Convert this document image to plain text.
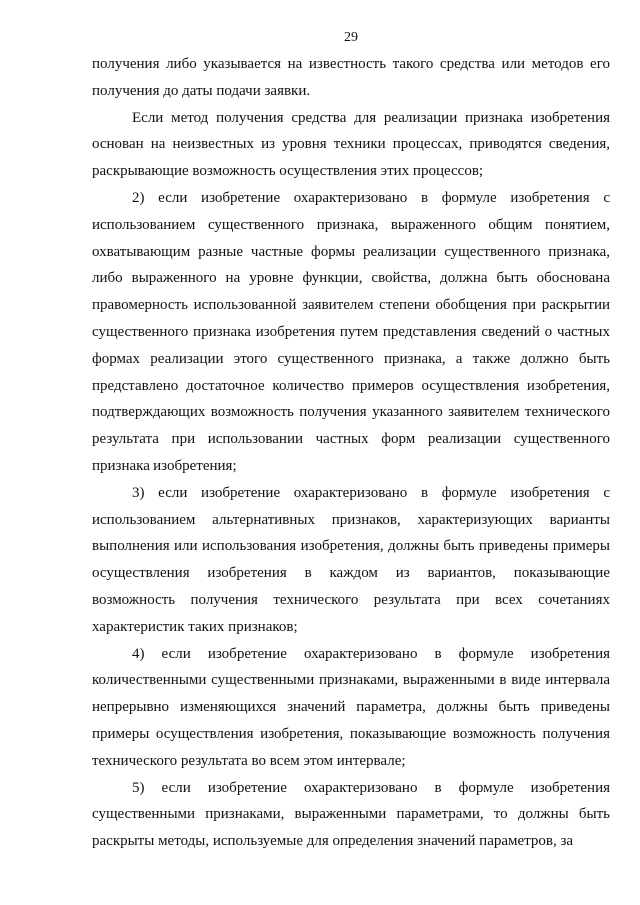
29

получения либо указывается на известность такого средства или методов его получения до даты подачи заявки.

Если метод получения средства для реализации признака изобретения основан на неизвестных из уровня техники процессах, приводятся сведения, раскрывающие возможность осуществления этих процессов;

2) если изобретение охарактеризовано в формуле изобретения с использованием существенного признака, выраженного общим понятием, охватывающим разные частные формы реализации существенного признака, либо выраженного на уровне функции, свойства, должна быть обоснована правомерность использованной заявителем степени обобщения при раскрытии существенного признака изобретения путем представления сведений о частных формах реализации этого существенного признака, а также должно быть представлено достаточное количество примеров осуществления изобретения, подтверждающих возможность получения указанного заявителем технического результата при использовании частных форм реализации существенного признака изобретения;

3) если изобретение охарактеризовано в формуле изобретения с использованием альтернативных признаков, характеризующих варианты выполнения или использования изобретения, должны быть приведены примеры осуществления изобретения в каждом из вариантов, показывающие возможность получения технического результата при всех сочетаниях характеристик таких признаков;

4) если изобретение охарактеризовано в формуле изобретения количественными существенными признаками, выраженными в виде интервала непрерывно изменяющихся значений параметра, должны быть приведены примеры осуществления изобретения, показывающие возможность получения технического результата во всем этом интервале;

5) если изобретение охарактеризовано в формуле изобретения существенными признаками, выраженными параметрами, то должны быть раскрыты методы, используемые для определения значений параметров, за
